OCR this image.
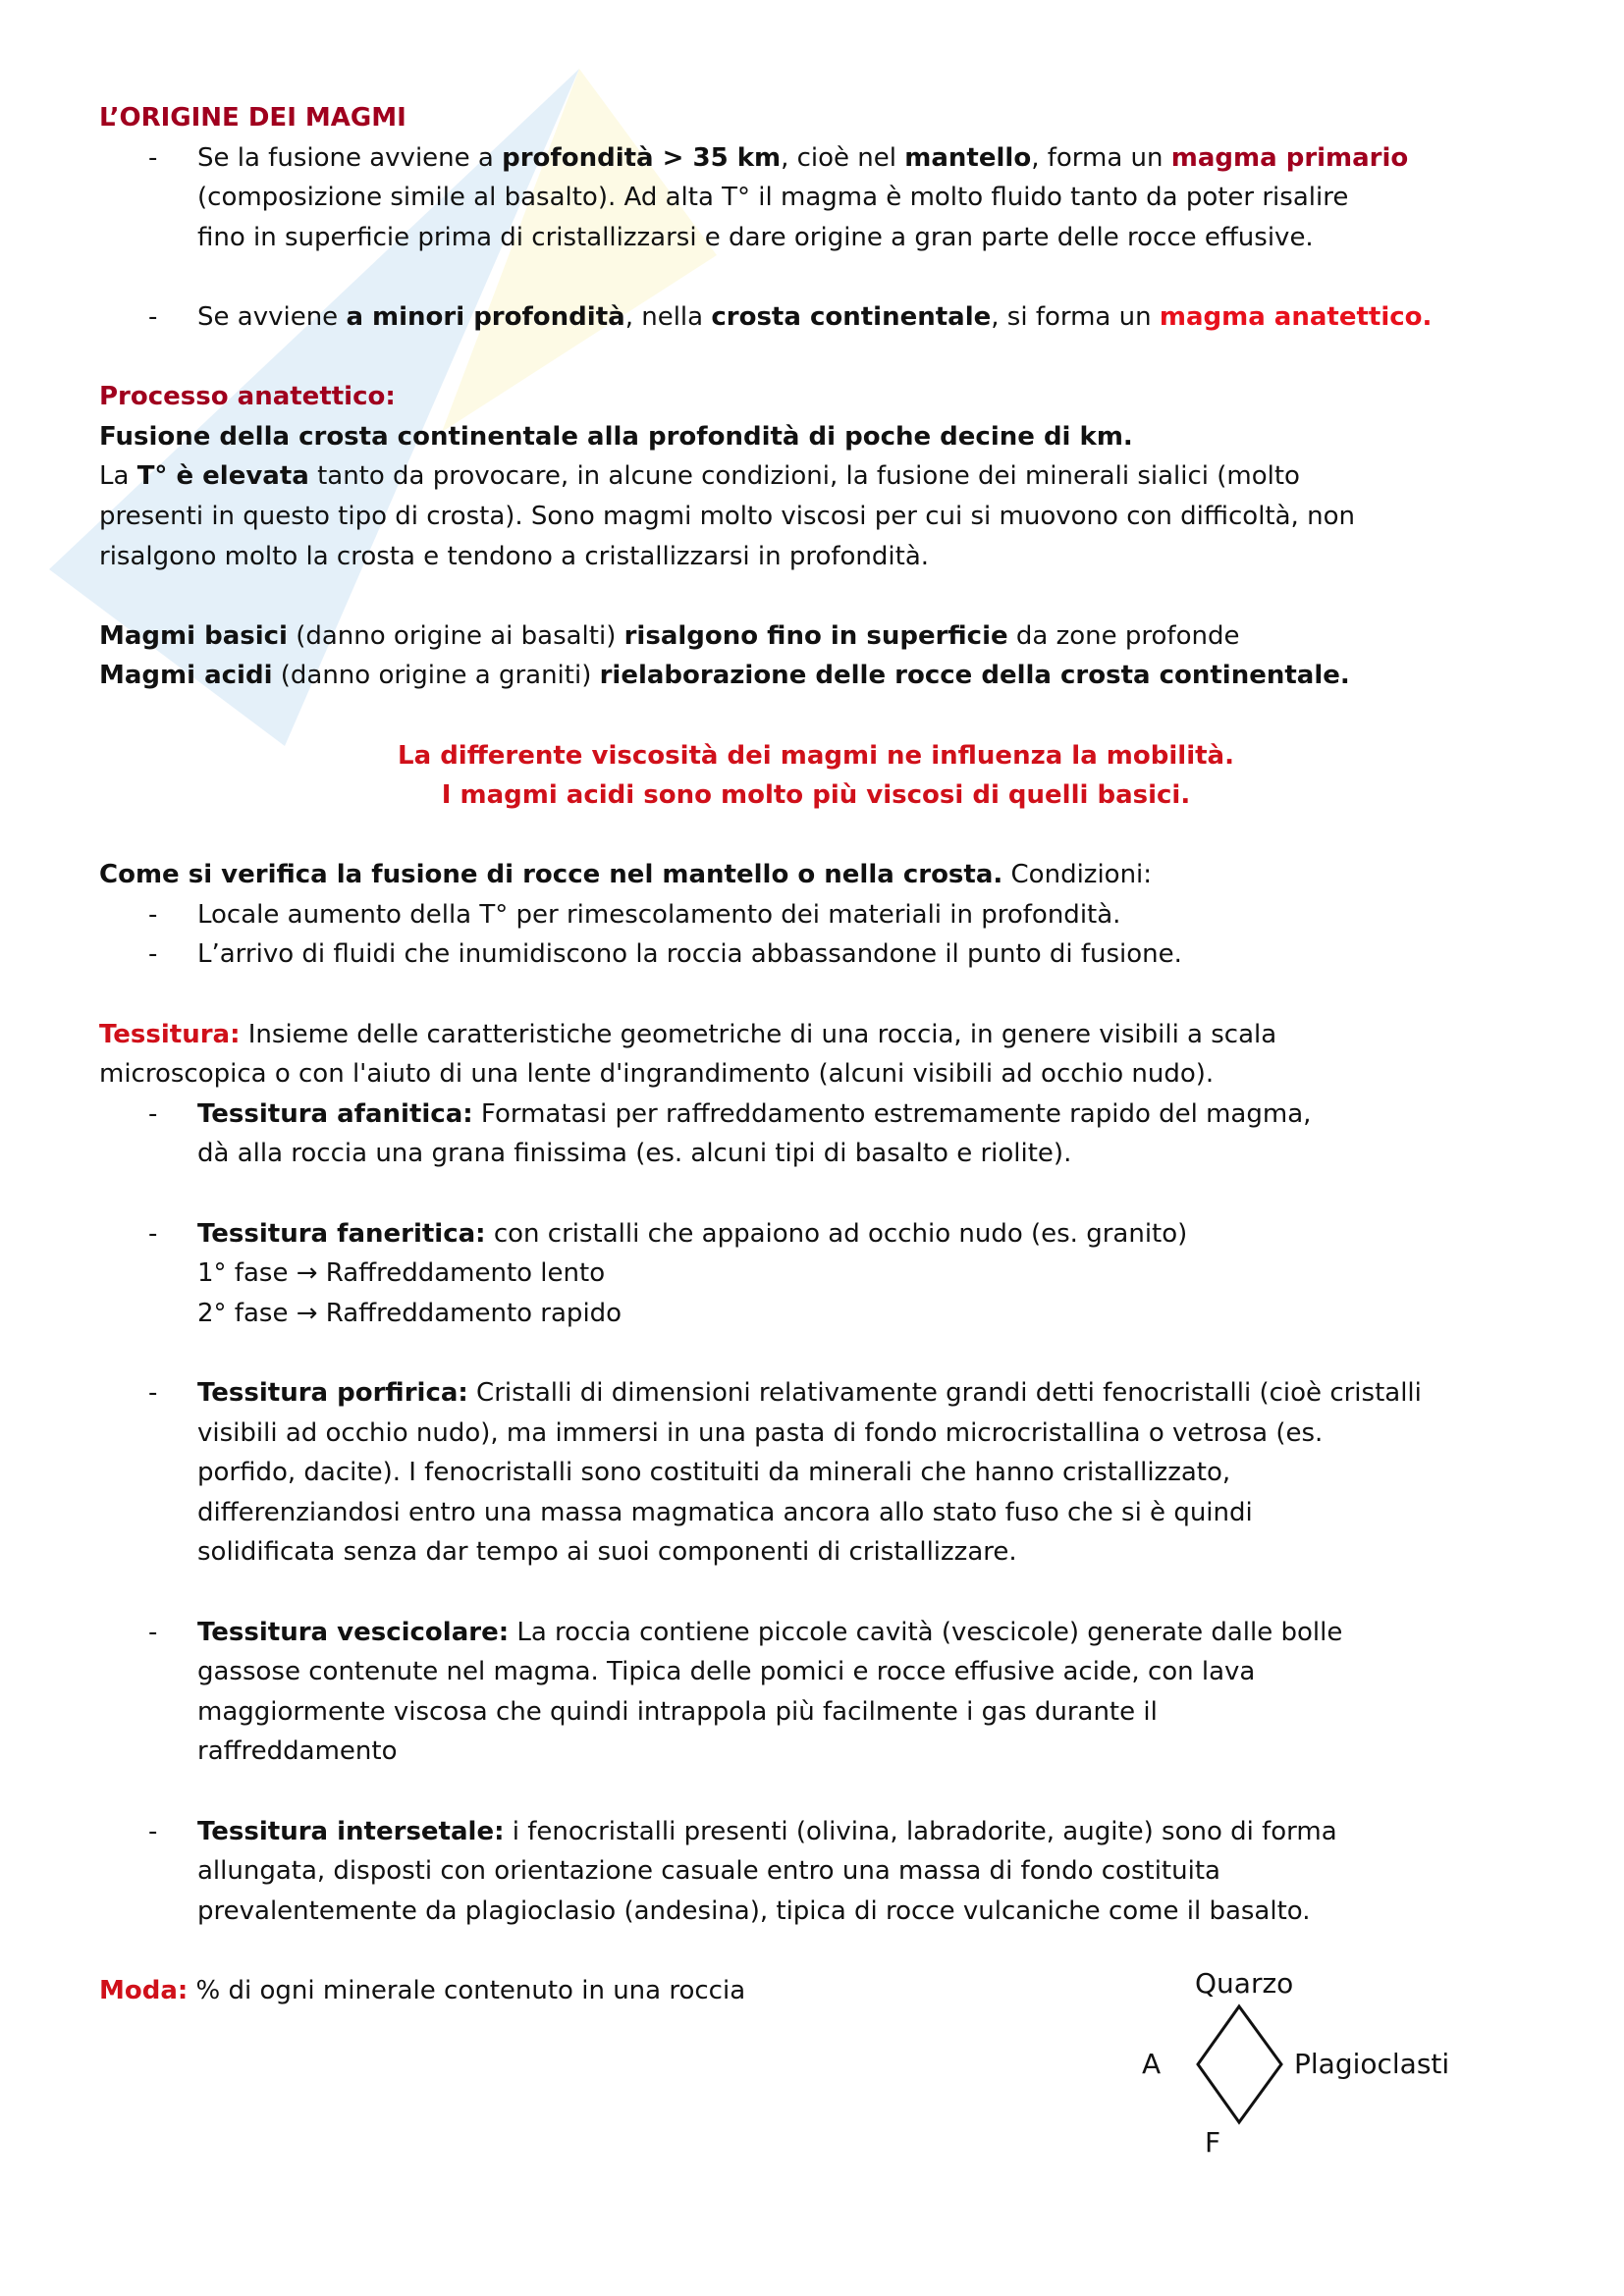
L’ORIGINE DEI MAGMI
- Se la fusione avviene a profondità > 35 km, cioè nel mantello, forma un magma primario
(composizione simile al basalto). Ad alta T° il magma è molto fluido tanto da poter risalire
fino in superficie prima di cristallizzarsi e dare origine a gran parte delle rocce effusive.
- Se avviene a minori profondità, nella crosta continentale, si forma un magma anatettico.
Processo anatettico:
Fusione della crosta continentale alla profondità di poche decine di km.
La T° è elevata tanto da provocare, in alcune condizioni, la fusione dei minerali sialici (molto
presenti in questo tipo di crosta). Sono magmi molto viscosi per cui si muovono con difficoltà, non
risalgono molto la crosta e tendono a cristallizzarsi in profondità.
Magmi basici (danno origine ai basalti) risalgono fino in superficie da zone profonde
Magmi acidi (danno origine a graniti) rielaborazione delle rocce della crosta continentale.
La differente viscosità dei magmi ne influenza la mobilità.
I magmi acidi sono molto più viscosi di quelli basici.
Come si verifica la fusione di rocce nel mantello o nella crosta. Condizioni:
- Locale aumento della T° per rimescolamento dei materiali in profondità.
- L’arrivo di fluidi che inumidiscono la roccia abbassandone il punto di fusione.
Tessitura: Insieme delle caratteristiche geometriche di una roccia, in genere visibili a scala
microscopica o con l'aiuto di una lente d'ingrandimento (alcuni visibili ad occhio nudo).
- Tessitura afanitica: Formatasi per raffreddamento estremamente rapido del magma,
dà alla roccia una grana finissima (es. alcuni tipi di basalto e riolite).
- Tessitura faneritica: con cristalli che appaiono ad occhio nudo (es. granito)
1° fase → Raffreddamento lento
2° fase → Raffreddamento rapido
- Tessitura porfirica: Cristalli di dimensioni relativamente grandi detti fenocristalli (cioè cristalli
visibili ad occhio nudo), ma immersi in una pasta di fondo microcristallina o vetrosa (es.
porfido, dacite). I fenocristalli sono costituiti da minerali che hanno cristallizzato,
differenziandosi entro una massa magmatica ancora allo stato fuso che si è quindi
solidificata senza dar tempo ai suoi componenti di cristallizzare.
- Tessitura vescicolare: La roccia contiene piccole cavità (vescicole) generate dalle bolle
gassose contenute nel magma. Tipica delle pomici e rocce effusive acide, con lava
maggiormente viscosa che quindi intrappola più facilmente i gas durante il
raffreddamento
- Tessitura intersetale: i fenocristalli presenti (olivina, labradorite, augite) sono di forma
allungata, disposti con orientazione casuale entro una massa di fondo costituita
prevalentemente da plagioclasio (andesina), tipica di rocce vulcaniche come il basalto.
Moda: % di ogni minerale contenuto in una roccia	Quarzo
A	Plagioclasti
F
